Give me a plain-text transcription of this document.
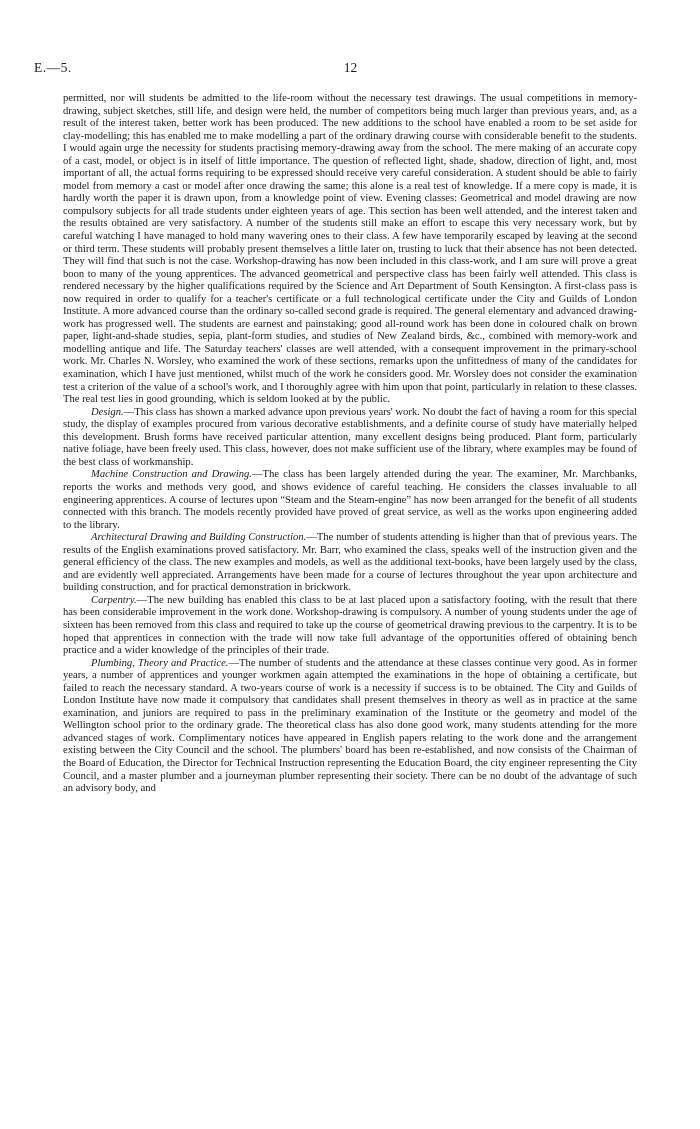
E.—5.	12

permitted, nor will students be admitted to the life-room without the necessary test drawings. The usual competitions in memory-drawing, subject sketches, still life, and design were held, the number of competitors being much larger than previous years, and, as a result of the interest taken, better work has been produced. The new additions to the school have enabled a room to be set aside for clay-modelling; this has enabled me to make modelling a part of the ordinary drawing course with considerable benefit to the students. I would again urge the necessity for students practising memory-drawing away from the school. The mere making of an accurate copy of a cast, model, or object is in itself of little importance. The question of reflected light, shade, shadow, direction of light, and, most important of all, the actual forms requiring to be expressed should receive very careful consideration. A student should be able to fairly model from memory a cast or model after once drawing the same; this alone is a real test of knowledge. If a mere copy is made, it is hardly worth the paper it is drawn upon, from a knowledge point of view. Evening classes: Geometrical and model drawing are now compulsory subjects for all trade students under eighteen years of age. This section has been well attended, and the interest taken and the results obtained are very satisfactory. A number of the students still make an effort to escape this very necessary work, but by careful watching I have managed to hold many wavering ones to their class. A few have temporarily escaped by leaving at the second or third term. These students will probably present themselves a little later on, trusting to luck that their absence has not been detected. They will find that such is not the case. Workshop-drawing has now been included in this class-work, and I am sure will prove a great boon to many of the young apprentices. The advanced geometrical and perspective class has been fairly well attended. This class is rendered necessary by the higher qualifications required by the Science and Art Department of South Kensington. A first-class pass is now required in order to qualify for a teacher's certificate or a full technological certificate under the City and Guilds of London Institute. A more advanced course than the ordinary so-called second grade is required. The general elementary and advanced drawing-work has progressed well. The students are earnest and painstaking; good all-round work has been done in coloured chalk on brown paper, light-and-shade studies, sepia, plant-form studies, and studies of New Zealand birds, &c., combined with memory-work and modelling antique and life. The Saturday teachers' classes are well attended, with a consequent improvement in the primary-school work. Mr. Charles N. Worsley, who examined the work of these sections, remarks upon the unfittedness of many of the candidates for examination, which I have just mentioned, whilst much of the work he considers good. Mr. Worsley does not consider the examination test a criterion of the value of a school's work, and I thoroughly agree with him upon that point, particularly in relation to these classes. The real test lies in good grounding, which is seldom looked at by the public.

Design.—This class has shown a marked advance upon previous years' work. No doubt the fact of having a room for this special study, the display of examples procured from various decorative establishments, and a definite course of study have materially helped this development. Brush forms have received particular attention, many excellent designs being produced. Plant form, particularly native foliage, have been freely used. This class, however, does not make sufficient use of the library, where examples may be found of the best class of workmanship.

Machine Construction and Drawing.—The class has been largely attended during the year. The examiner, Mr. Marchbanks, reports the works and methods very good, and shows evidence of careful teaching. He considers the classes invaluable to all engineering apprentices. A course of lectures upon “Steam and the Steam-engine” has now been arranged for the benefit of all students connected with this branch. The models recently provided have proved of great service, as well as the works upon engineering added to the library.

Architectural Drawing and Building Construction.—The number of students attending is higher than that of previous years. The results of the English examinations proved satisfactory. Mr. Barr, who examined the class, speaks well of the instruction given and the general efficiency of the class. The new examples and models, as well as the additional text-books, have been largely used by the class, and are evidently well appreciated. Arrangements have been made for a course of lectures throughout the year upon architecture and building construction, and for practical demonstration in brickwork.

Carpentry.—The new building has enabled this class to be at last placed upon a satisfactory footing, with the result that there has been considerable improvement in the work done. Workshop-drawing is compulsory. A number of young students under the age of sixteen has been removed from this class and required to take up the course of geometrical drawing previous to the carpentry. It is to be hoped that apprentices in connection with the trade will now take full advantage of the opportunities offered of obtaining bench practice and a wider knowledge of the principles of their trade.

Plumbing, Theory and Practice.—The number of students and the attendance at these classes continue very good. As in former years, a number of apprentices and younger workmen again attempted the examinations in the hope of obtaining a certificate, but failed to reach the necessary standard. A two-years course of work is a necessity if success is to be obtained. The City and Guilds of London Institute have now made it compulsory that candidates shall present themselves in theory as well as in practice at the same examination, and juniors are required to pass in the preliminary examination of the Institute or the geometry and model of the Wellington school prior to the ordinary grade. The theoretical class has also done good work, many students attending for the more advanced stages of work. Complimentary notices have appeared in English papers relating to the work done and the arrangement existing between the City Council and the school. The plumbers' board has been re-established, and now consists of the Chairman of the Board of Education, the Director for Technical Instruction representing the Education Board, the city engineer representing the City Council, and a master plumber and a journeyman plumber representing their society. There can be no doubt of the advantage of such an advisory body, and
